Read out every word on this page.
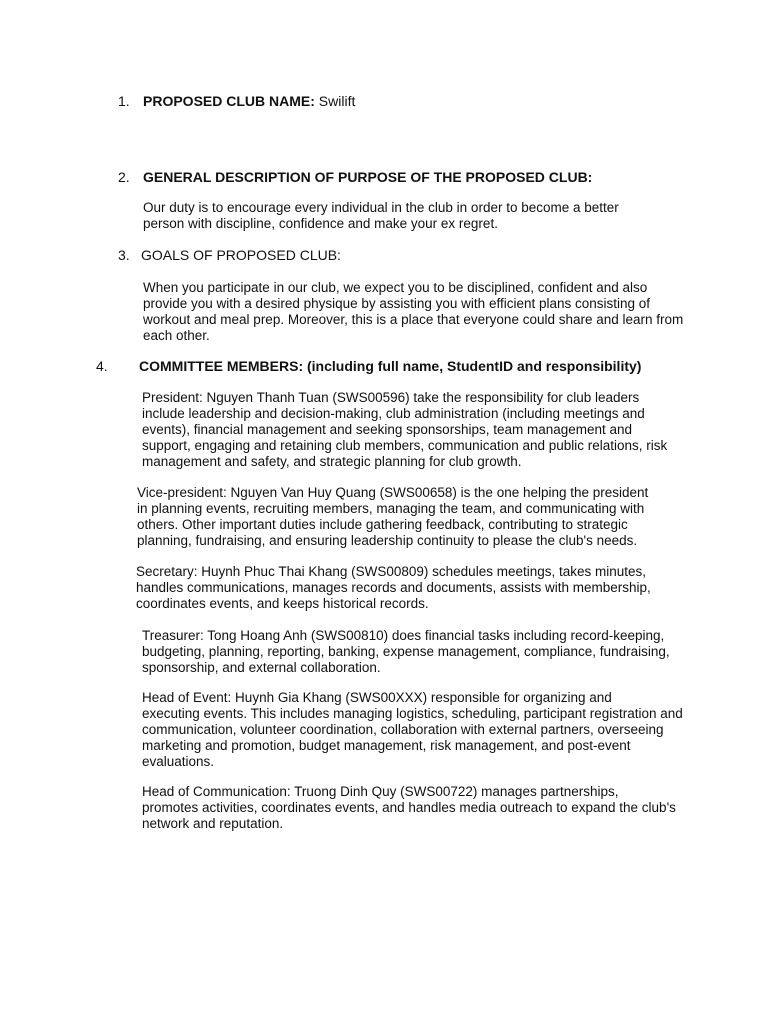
1. PROPOSED CLUB NAME: Swilift
2. GENERAL DESCRIPTION OF PURPOSE OF THE PROPOSED CLUB:

Our duty is to encourage every individual in the club in order to become a better
person with discipline, confidence and make your ex regret.

3. GOALS OF PROPOSED CLUB:

When you participate in our club, we expect you to be disciplined, confident and also
provide you with a desired physique by assisting you with efficient plans consisting of
workout and meal prep. Moreover, this is a place that everyone could share and learn from
each other.

4. COMMITTEE MEMBERS: (including full name, StudentID and responsibility)

President: Nguyen Thanh Tuan (SWS00596) take the responsibility for club leaders
include leadership and decision-making, club administration (including meetings and
events), financial management and seeking sponsorships, team management and
support, engaging and retaining club members, communication and public relations, risk
management and safety, and strategic planning for club growth.

Vice-president: Nguyen Van Huy Quang (SWS00658) is the one helping the president
in planning events, recruiting members, managing the team, and communicating with
others. Other important duties include gathering feedback, contributing to strategic
planning, fundraising, and ensuring leadership continuity to please the club's needs.

Secretary: Huynh Phuc Thai Khang (SWS00809) schedules meetings, takes minutes,
handles communications, manages records and documents, assists with membership,
coordinates events, and keeps historical records.

Treasurer: Tong Hoang Anh (SWS00810) does financial tasks including record-keeping,
budgeting, planning, reporting, banking, expense management, compliance, fundraising,
sponsorship, and external collaboration.

Head of Event: Huynh Gia Khang (SWS00XXX) responsible for organizing and
executing events. This includes managing logistics, scheduling, participant registration and
communication, volunteer coordination, collaboration with external partners, overseeing
marketing and promotion, budget management, risk management, and post-event
evaluations.

Head of Communication: Truong Dinh Quy (SWS00722) manages partnerships,
promotes activities, coordinates events, and handles media outreach to expand the club's
network and reputation.
